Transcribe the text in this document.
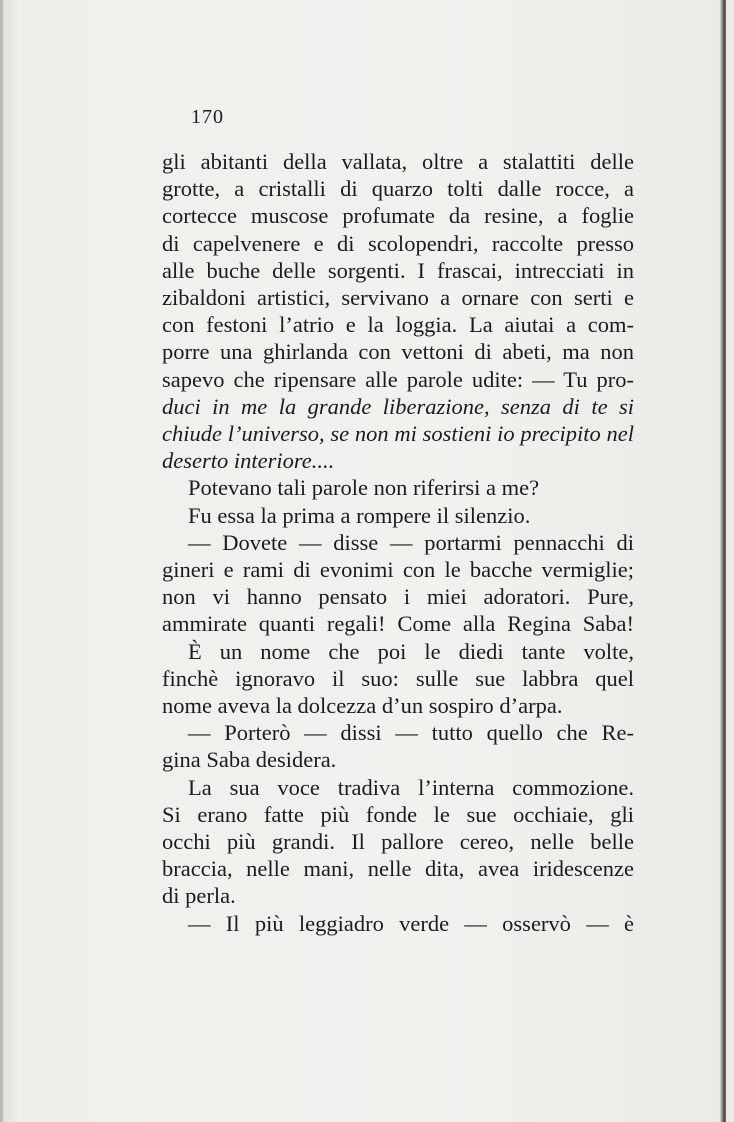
170
gli abitanti della vallata, oltre a stalattiti delle
grotte, a cristalli di quarzo tolti dalle rocce, a
cortecce muscose profumate da resine, a foglie
di capelvenere e di scolopendri, raccolte presso
alle buche delle sorgenti. I frascai, intrecciati in
zibaldoni artistici, servivano a ornare con serti e
con festoni l’atrio e la loggia. La aiutai a com-
porre una ghirlanda con vettoni di abeti, ma non
sapevo che ripensare alle parole udite: — Tu pro-
duci in me la grande liberazione, senza di te si
chiude l’universo, se non mi sostieni io precipito nel
deserto interiore....
Potevano tali parole non riferirsi a me?
Fu essa la prima a rompere il silenzio.
— Dovete — disse — portarmi pennacchi di
gineri e rami di evonimi con le bacche vermiglie;
non vi hanno pensato i miei adoratori. Pure,
ammirate quanti regali! Come alla Regina Saba!
È un nome che poi le diedi tante volte,
finchè ignoravo il suo: sulle sue labbra quel
nome aveva la dolcezza d’un sospiro d’arpa.
— Porterò — dissi — tutto quello che Re-
gina Saba desidera.
La sua voce tradiva l’interna commozione.
Si erano fatte più fonde le sue occhiaie, gli
occhi più grandi. Il pallore cereo, nelle belle
braccia, nelle mani, nelle dita, avea iridescenze
di perla.
— Il più leggiadro verde — osservò — è
